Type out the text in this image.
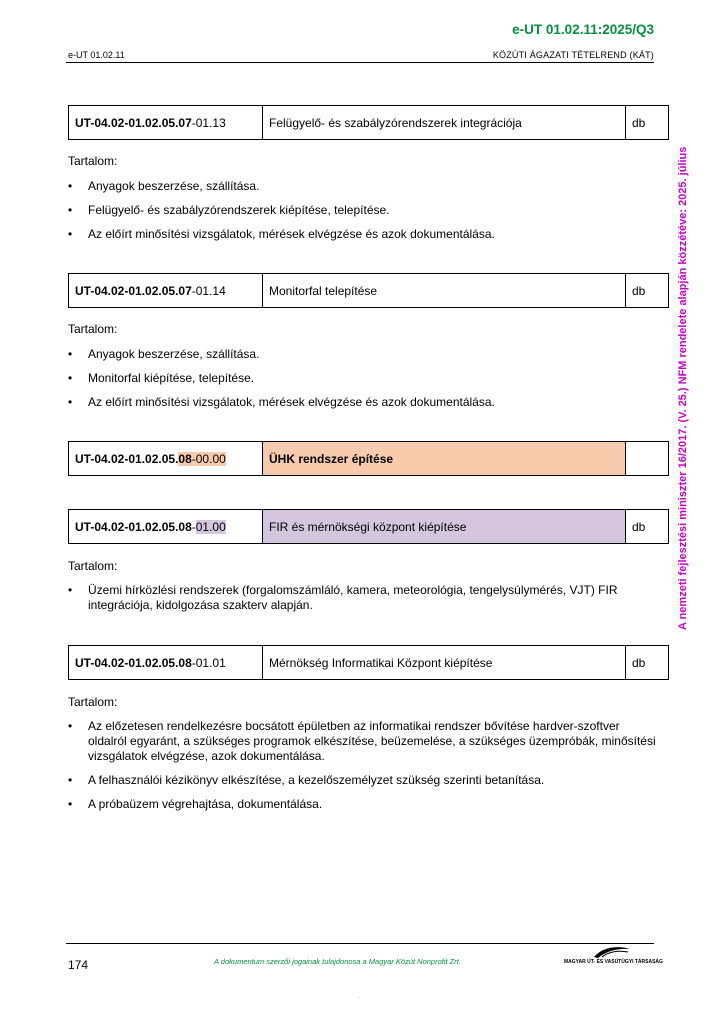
e-UT 01.02.11:2025/Q3
e-UT 01.02.11	KÖZÚTI ÁGAZATI TÉTELREND (KÁT)
A nemzeti fejlesztési miniszter 16/2017. (V. 25.) NFM rendelete alapján közzétéve: 2025. július
UT-04.02-01.02.05.07 -01.13	Felügyelő- és szabályzórendszerek integrációja	db
Tartalom:
• Anyagok beszerzése, szállítása.
• Felügyelő- és szabályzórendszerek kiépítése, telepítése.
• Az előírt minősítési vizsgálatok, mérések elvégzése és azok dokumentálása.
UT-04.02-01.02.05.07 -01.14	Monitorfal telepítése	db
Tartalom:
• Anyagok beszerzése, szállítása.
• Monitorfal kiépítése, telepítése.
• Az előírt minősítési vizsgálatok, mérések elvégzése és azok dokumentálása.
UT-04.02-01.02.05. 08 -00.00	ÜHK rendszer építése
UT-04.02-01.02.05.08 - 01.00	FIR és mérnökségi központ kiépítése	db
Tartalom:
• Üzemi hírközlési rendszerek (forgalomszámláló, kamera, meteorológia, tengelysúlymérés, VJT) FIR integrációja, kidolgozása szakterv alapján.
UT-04.02-01.02.05.08 -01.01	Mérnökség Informatikai Központ kiépítése	db
Tartalom:
• Az előzetesen rendelkezésre bocsátott épületben az informatikai rendszer bővítése hardver-szoftver oldalról egyaránt, a szükséges programok elkészítése, beüzemelése, a szükséges üzempróbák, minősítési vizsgálatok elvégzése, azok dokumentálása.
• A felhasználói kézikönyv elkészítése, a kezelőszemélyzet szükség szerinti betanítása.
• A próbaüzem végrehajtása, dokumentálása.
174	A dokumentum szerzői jogainak tulajdonosa a Magyar Közút Nonprofit Zrt.	MAGYAR ÚT- ÉS VASÚTÜGYI TÁRSASÁG
·
